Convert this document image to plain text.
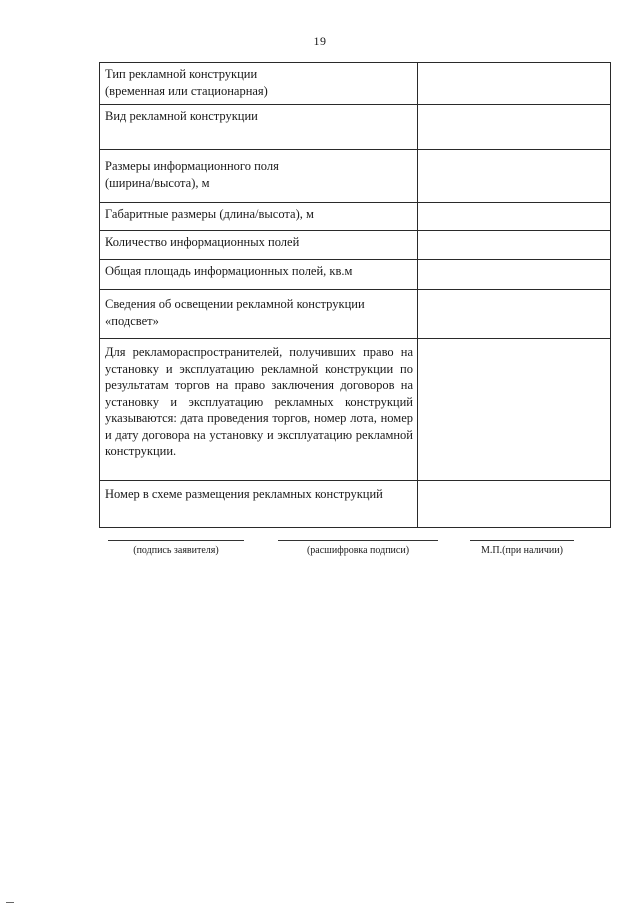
19
Тип рекламной конструкции
(временная или стационарная)	

Вид рекламной конструкции	

Размеры информационного поля
(ширина/высота), м	

Габаритные размеры (длина/высота), м	

Количество информационных полей	

Общая площадь информационных полей, кв.м	

Сведения об освещении рекламной конструкции
«подсвет»	

Для рекламораспространителей, получивших право на установку и эксплуатацию рекламной конструкции по результатам торгов на право заключения договоров на установку и эксплуатацию рекламных конструкций указываются: дата проведения торгов, номер лота, номер и дату договора на установку и эксплуатацию рекламной конструкции.	
Номер в схеме размещения рекламных конструкций	
(подпись заявителя)	(расшифровка подписи)	М.П.(при наличии)
